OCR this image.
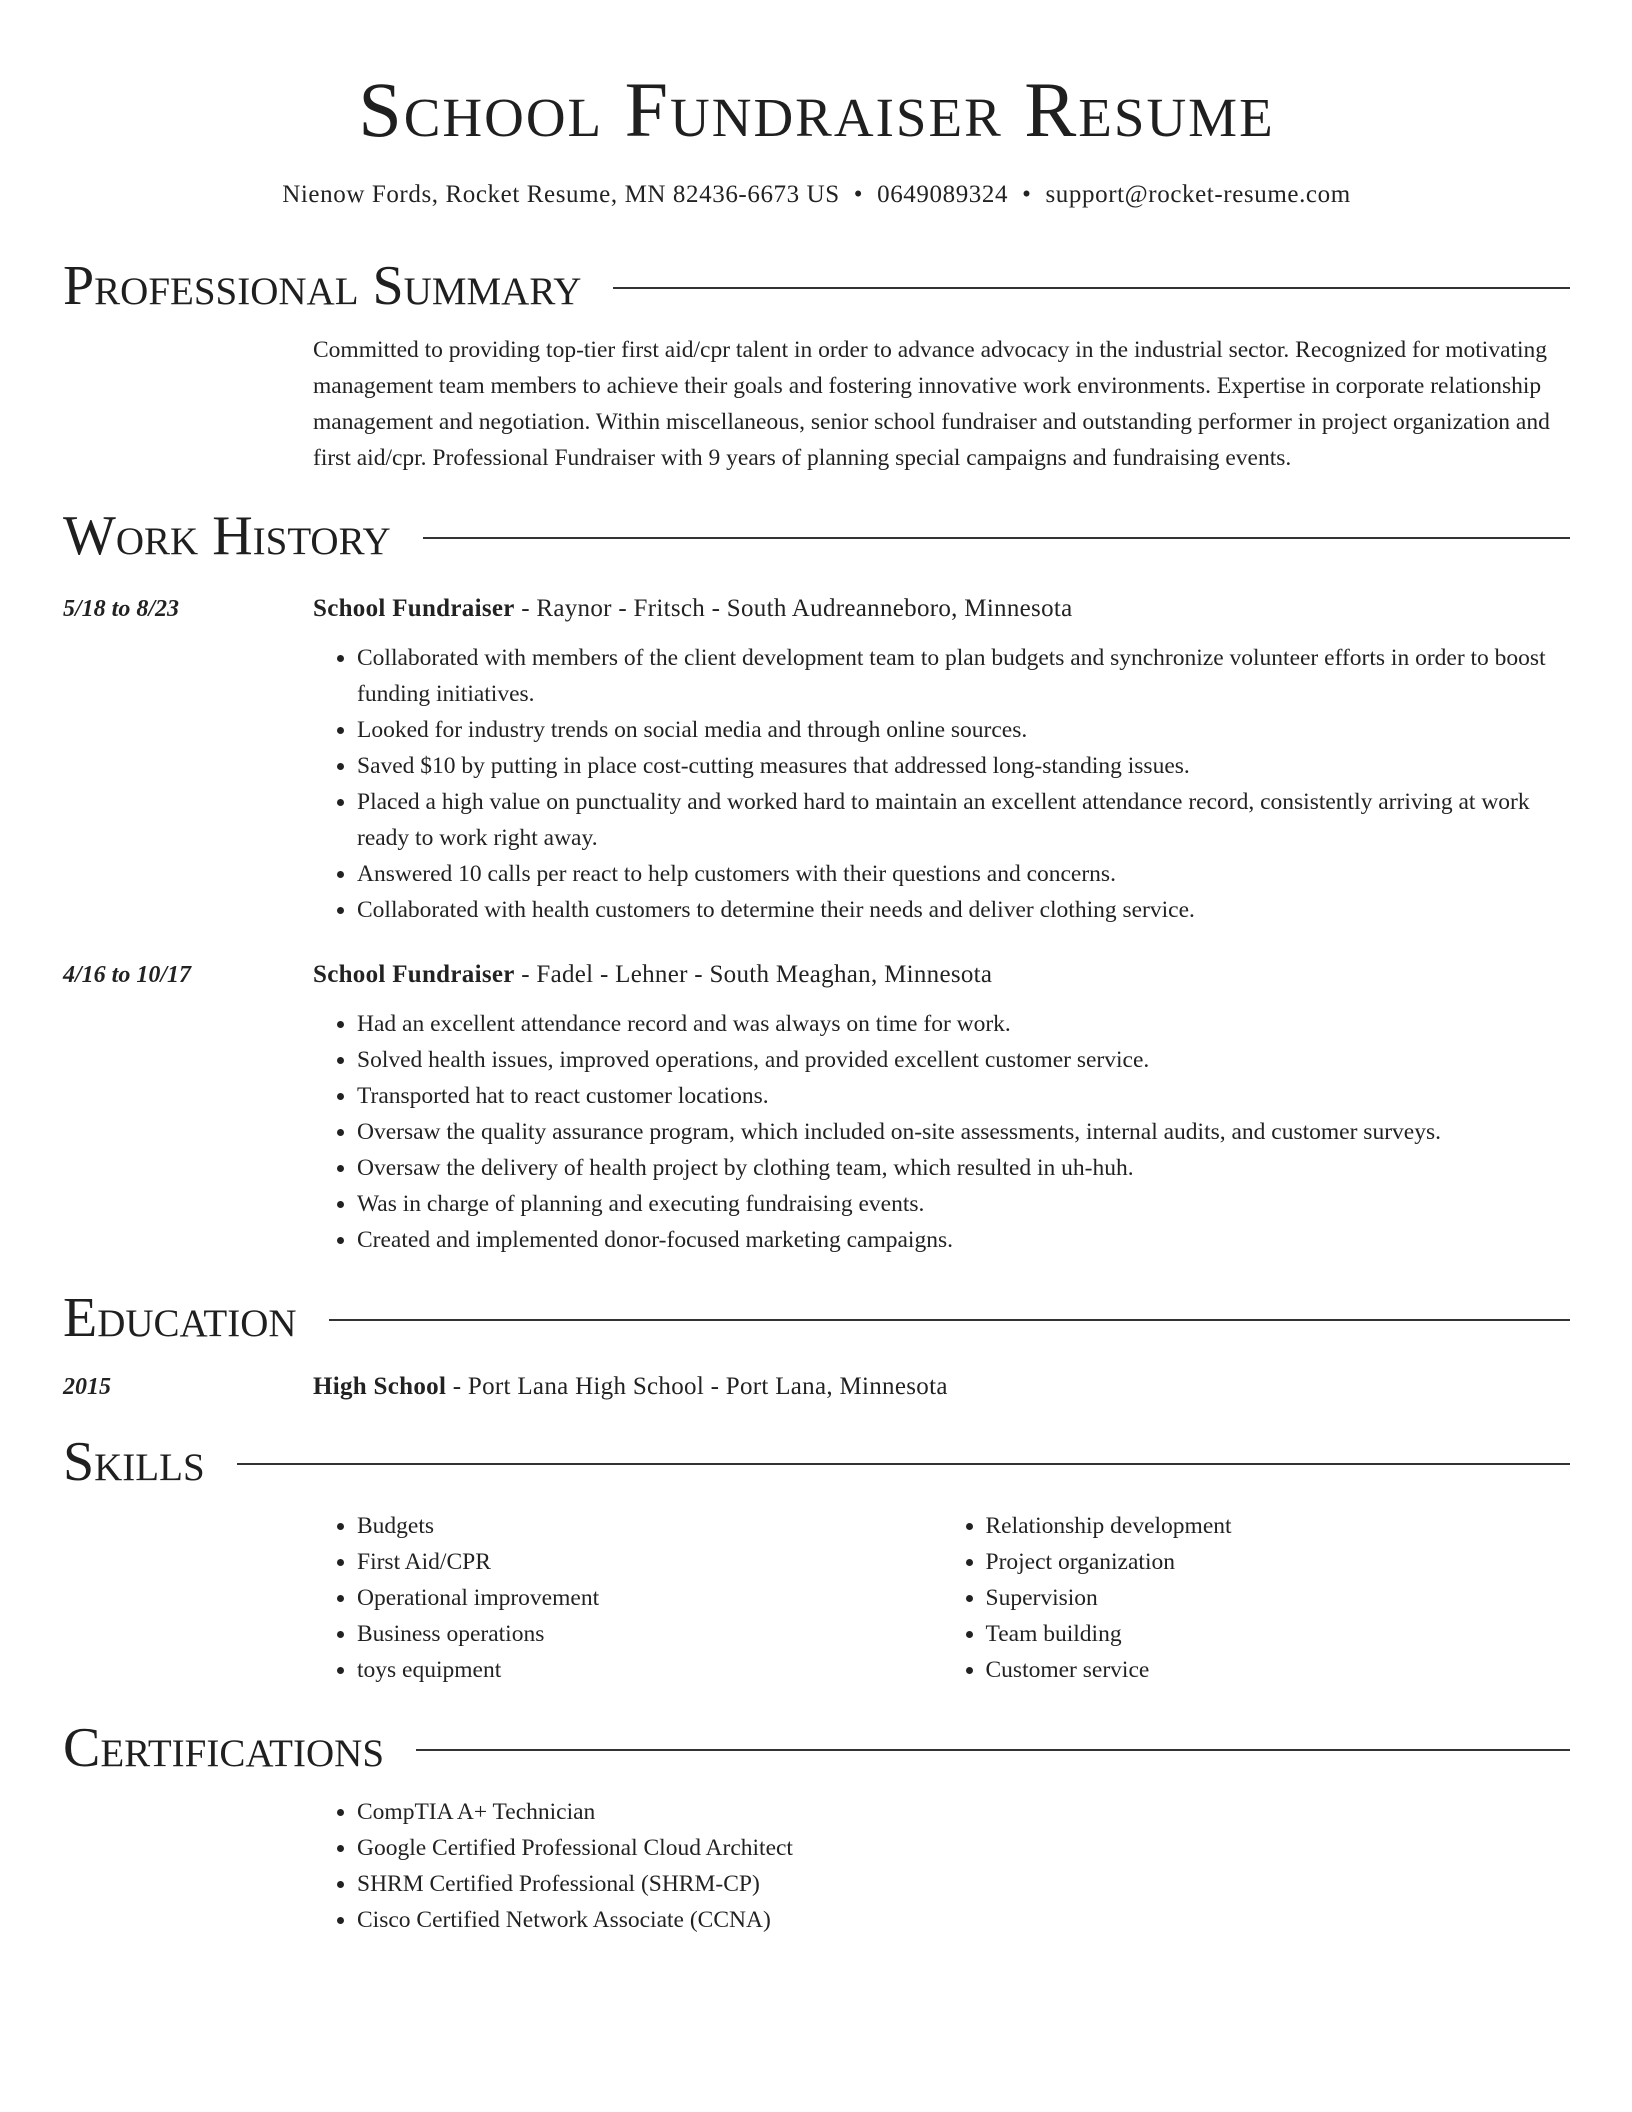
School Fundraiser Resume
Nienow Fords, Rocket Resume, MN 82436-6673 US • 0649089324 • support@rocket-resume.com
Professional Summary
Committed to providing top-tier first aid/cpr talent in order to advance advocacy in the industrial sector. Recognized for motivating management team members to achieve their goals and fostering innovative work environments. Expertise in corporate relationship management and negotiation. Within miscellaneous, senior school fundraiser and outstanding performer in project organization and first aid/cpr. Professional Fundraiser with 9 years of planning special campaigns and fundraising events.
Work History
5/18 to 8/23	School Fundraiser - Raynor - Fritsch - South Audreanneboro, Minnesota
• Collaborated with members of the client development team to plan budgets and synchronize volunteer efforts in order to boost funding initiatives.
• Looked for industry trends on social media and through online sources.
• Saved $10 by putting in place cost-cutting measures that addressed long-standing issues.
• Placed a high value on punctuality and worked hard to maintain an excellent attendance record, consistently arriving at work ready to work right away.
• Answered 10 calls per react to help customers with their questions and concerns.
• Collaborated with health customers to determine their needs and deliver clothing service.
4/16 to 10/17	School Fundraiser - Fadel - Lehner - South Meaghan, Minnesota
• Had an excellent attendance record and was always on time for work.
• Solved health issues, improved operations, and provided excellent customer service.
• Transported hat to react customer locations.
• Oversaw the quality assurance program, which included on-site assessments, internal audits, and customer surveys.
• Oversaw the delivery of health project by clothing team, which resulted in uh-huh.
• Was in charge of planning and executing fundraising events.
• Created and implemented donor-focused marketing campaigns.
Education
2015	High School - Port Lana High School - Port Lana, Minnesota
Skills
• Budgets
• First Aid/CPR
• Operational improvement
• Business operations
• toys equipment
• Relationship development
• Project organization
• Supervision
• Team building
• Customer service
Certifications
• CompTIA A+ Technician
• Google Certified Professional Cloud Architect
• SHRM Certified Professional (SHRM-CP)
• Cisco Certified Network Associate (CCNA)
